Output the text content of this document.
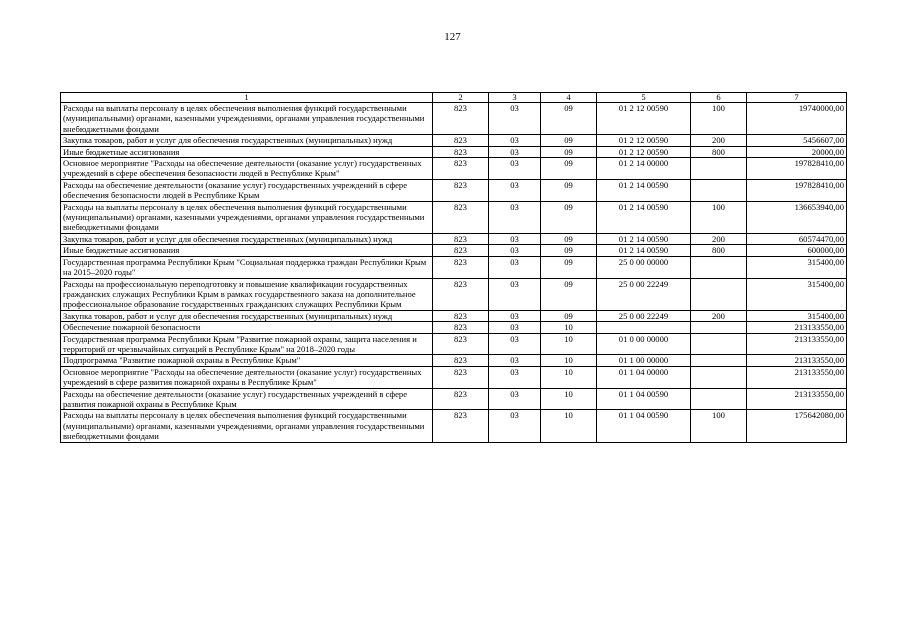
127
1	2	3	4	5	6	7
Расходы на выплаты персоналу в целях обеспечения выполнения функций государственными (муниципальными) органами, казенными учреждениями, органами управления государственными внебюджетными фондами	823	03	09	01 2 12 00590	100	19740000,00
Закупка товаров, работ и услуг для обеспечения государственных (муниципальных) нужд	823	03	09	01 2 12 00590	200	5456607,00
Иные бюджетные ассигнования	823	03	09	01 2 12 00590	800	20000,00
Основное мероприятие "Расходы на обеспечение деятельности (оказание услуг) государственных учреждений в сфере обеспечения безопасности людей в Республике Крым"	823	03	09	01 2 14 00000		197828410,00
Расходы на обеспечение деятельности (оказание услуг) государственных учреждений в сфере обеспечения безопасности людей в Республике Крым	823	03	09	01 2 14 00590		197828410,00
Расходы на выплаты персоналу в целях обеспечения выполнения функций государственными (муниципальными) органами, казенными учреждениями, органами управления государственными внебюджетными фондами	823	03	09	01 2 14 00590	100	136653940,00
Закупка товаров, работ и услуг для обеспечения государственных (муниципальных) нужд	823	03	09	01 2 14 00590	200	60574470,00
Иные бюджетные ассигнования	823	03	09	01 2 14 00590	800	600000,00
Государственная программа Республики Крым "Социальная поддержка граждан Республики Крым на 2015–2020 годы"	823	03	09	25 0 00 00000		315400,00
Расходы на профессиональную переподготовку и повышение квалификации государственных гражданских служащих Республики Крым в рамках государственного заказа на дополнительное профессиональное образование государственных гражданских служащих Республики Крым	823	03	09	25 0 00 22249		315400,00
Закупка товаров, работ и услуг для обеспечения государственных (муниципальных) нужд	823	03	09	25 0 00 22249	200	315400,00
Обеспечение пожарной безопасности	823	03	10			213133550,00
Государственная программа Республики Крым "Развитие пожарной охраны, защита населения и территорий от чрезвычайных ситуаций в Республике Крым" на 2018–2020 годы	823	03	10	01 0 00 00000		213133550,00
Подпрограмма "Развитие пожарной охраны в Республике Крым"	823	03	10	01 1 00 00000		213133550,00
Основное мероприятие "Расходы на обеспечение деятельности (оказание услуг) государственных учреждений в сфере развития пожарной охраны в Республике Крым"	823	03	10	01 1 04 00000		213133550,00
Расходы на обеспечение деятельности (оказание услуг) государственных учреждений в сфере развития пожарной охраны в Республике Крым	823	03	10	01 1 04 00590		213133550,00
Расходы на выплаты персоналу в целях обеспечения выполнения функций государственными (муниципальными) органами, казенными учреждениями, органами управления государственными внебюджетными фондами	823	03	10	01 1 04 00590	100	175642080,00
